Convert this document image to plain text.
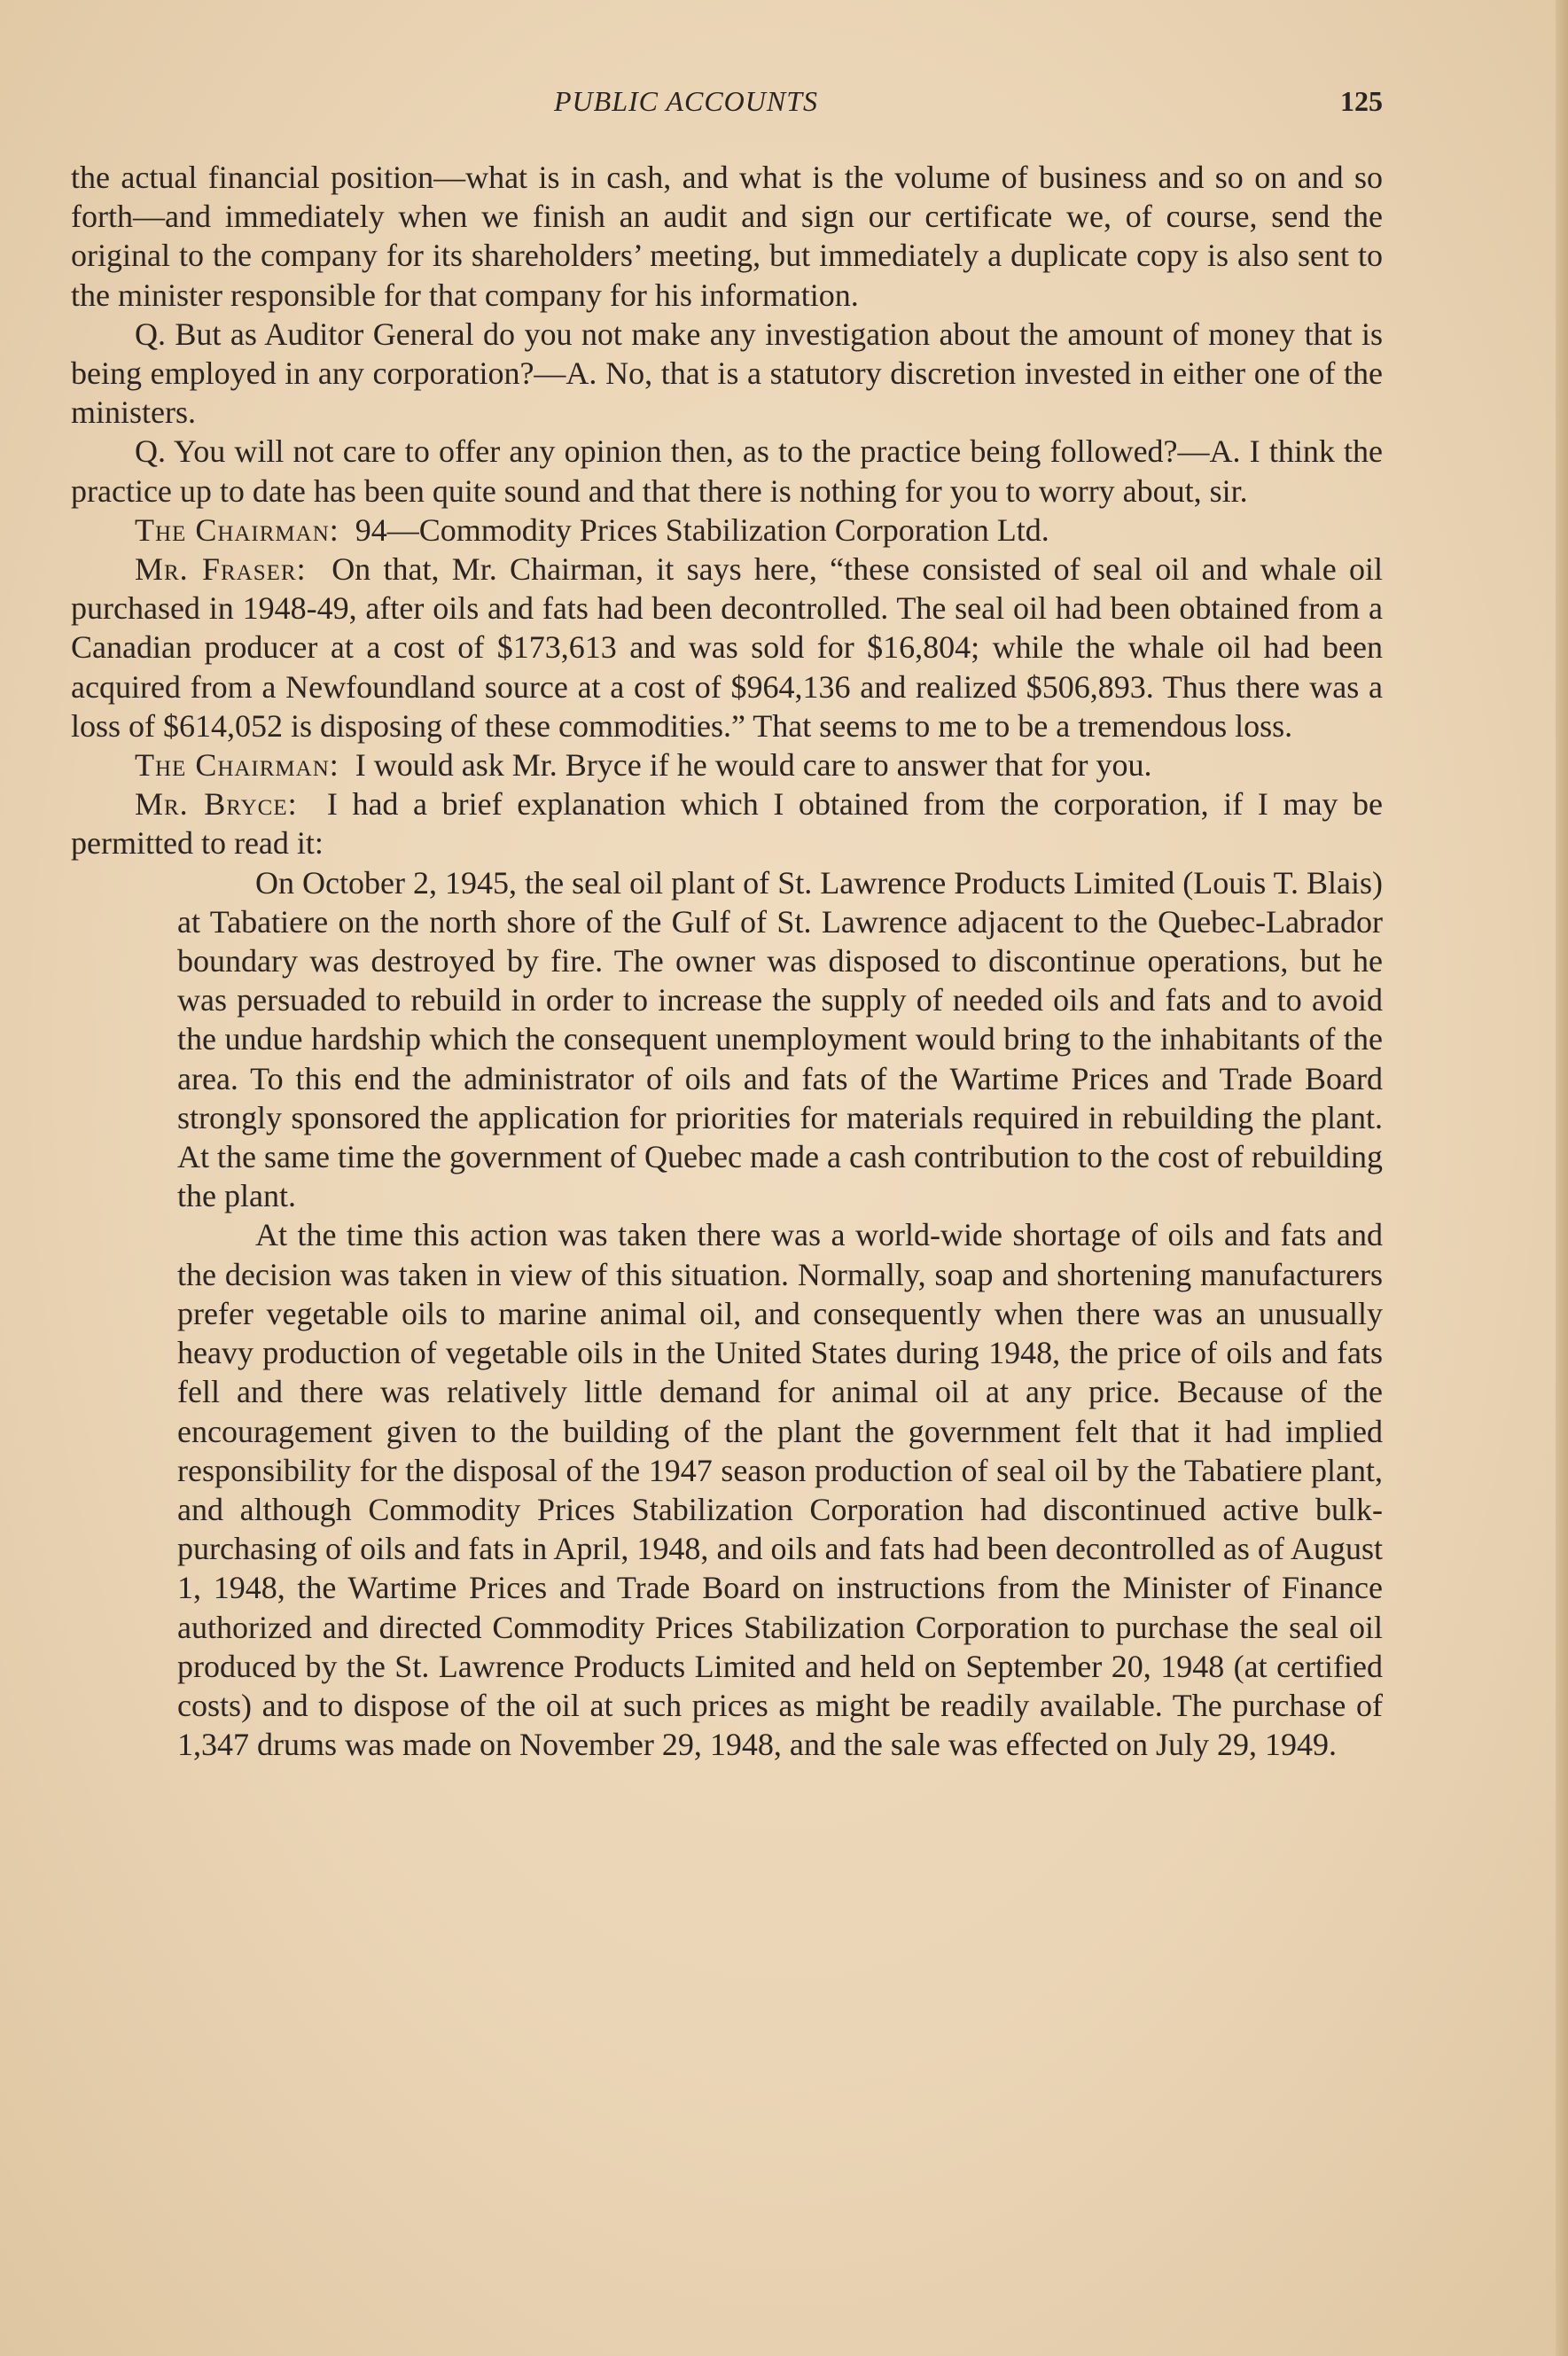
PUBLIC ACCOUNTS	125

the actual financial position—what is in cash, and what is the volume of business and so on and so forth—and immediately when we finish an audit and sign our certificate we, of course, send the original to the company for its shareholders’ meeting, but immediately a duplicate copy is also sent to the minister responsible for that company for his information.

Q. But as Auditor General do you not make any investigation about the amount of money that is being employed in any corporation?—A. No, that is a statutory discretion invested in either one of the ministers.

Q. You will not care to offer any opinion then, as to the practice being followed?—A. I think the practice up to date has been quite sound and that there is nothing for you to worry about, sir.

The Chairman: 94—Commodity Prices Stabilization Corporation Ltd.

Mr. Fraser: On that, Mr. Chairman, it says here, “these consisted of seal oil and whale oil purchased in 1948-49, after oils and fats had been decontrolled. The seal oil had been obtained from a Canadian producer at a cost of $173,613 and was sold for $16,804; while the whale oil had been acquired from a Newfoundland source at a cost of $964,136 and realized $506,893. Thus there was a loss of $614,052 is disposing of these commodities.” That seems to me to be a tremendous loss.

The Chairman: I would ask Mr. Bryce if he would care to answer that for you.

Mr. Bryce: I had a brief explanation which I obtained from the corporation, if I may be permitted to read it:

On October 2, 1945, the seal oil plant of St. Lawrence Products Limited (Louis T. Blais) at Tabatiere on the north shore of the Gulf of St. Lawrence adjacent to the Quebec-Labrador boundary was destroyed by fire. The owner was disposed to discontinue operations, but he was persuaded to rebuild in order to increase the supply of needed oils and fats and to avoid the undue hardship which the consequent unemployment would bring to the inhabitants of the area. To this end the administrator of oils and fats of the Wartime Prices and Trade Board strongly sponsored the application for priorities for materials required in rebuilding the plant. At the same time the government of Quebec made a cash contribution to the cost of rebuilding the plant.

At the time this action was taken there was a world-wide shortage of oils and fats and the decision was taken in view of this situation. Normally, soap and shortening manufacturers prefer vegetable oils to marine animal oil, and consequently when there was an unusually heavy production of vegetable oils in the United States during 1948, the price of oils and fats fell and there was relatively little demand for animal oil at any price. Because of the encouragement given to the building of the plant the government felt that it had implied responsibility for the disposal of the 1947 season production of seal oil by the Tabatiere plant, and although Commodity Prices Stabilization Corporation had discontinued active bulk-purchasing of oils and fats in April, 1948, and oils and fats had been decontrolled as of August 1, 1948, the Wartime Prices and Trade Board on instructions from the Minister of Finance authorized and directed Commodity Prices Stabilization Corporation to purchase the seal oil produced by the St. Lawrence Products Limited and held on September 20, 1948 (at certified costs) and to dispose of the oil at such prices as might be readily available. The purchase of 1,347 drums was made on November 29, 1948, and the sale was effected on July 29, 1949.
